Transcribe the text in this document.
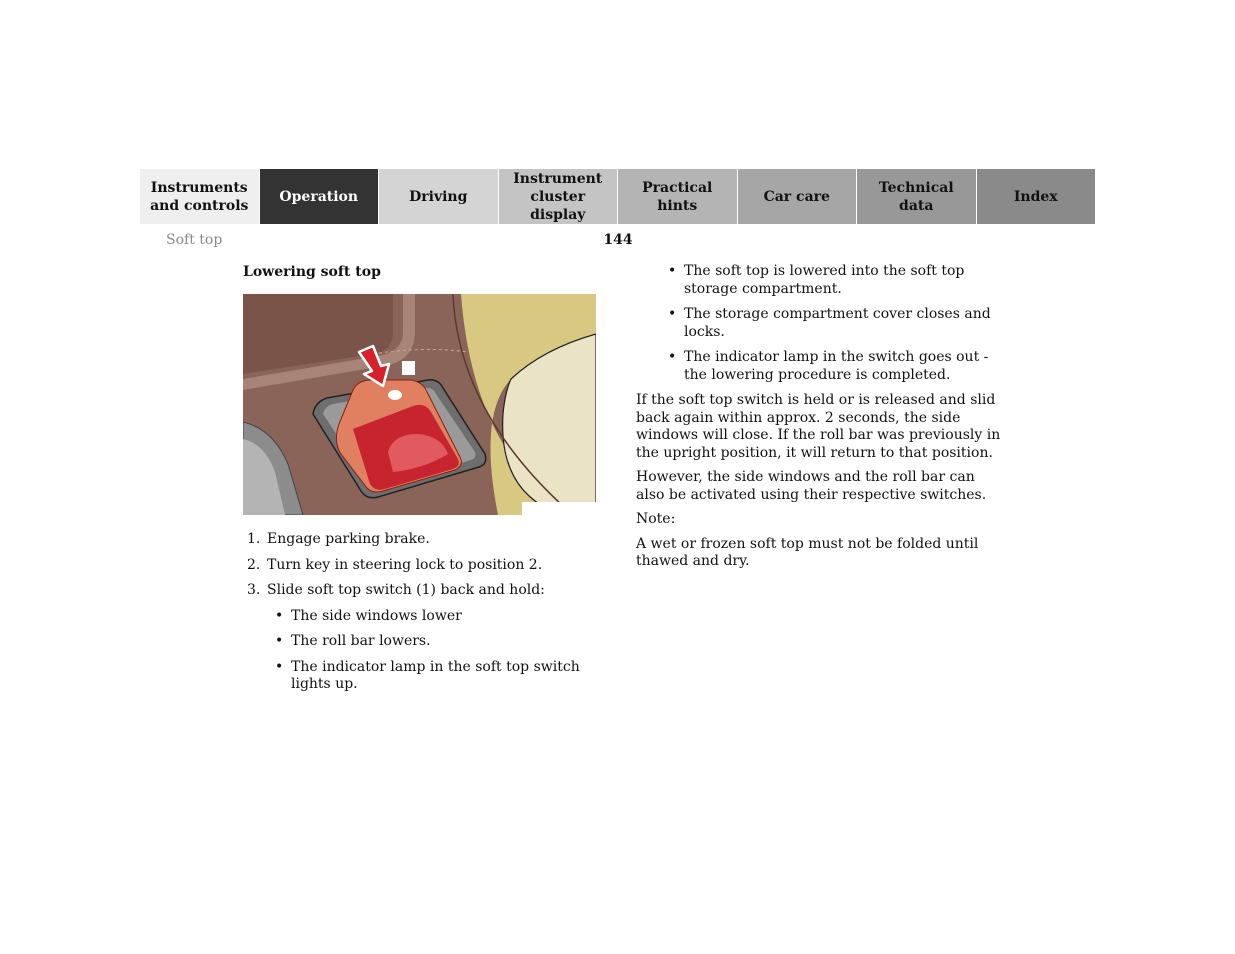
Instruments
and controls
Operation	Driving
Instrument
cluster display
Practical hints
Car care
Technical
data
Index
Soft top	144
Lowering soft top
1. Engage parking brake.
2. Turn key in steering lock to position 2.
3. Slide soft top switch (1) back and hold:
• The side windows lower
• The roll bar lowers.
• The indicator lamp in the soft top switch lights up.
• The soft top is lowered into the soft top storage compartment.
• The storage compartment cover closes and locks.
• The indicator lamp in the switch goes out - the lowering procedure is completed.

If the soft top switch is held or is released and slid back again within approx. 2 seconds, the side windows will close. If the roll bar was previously in the upright position, it will return to that position.

However, the side windows and the roll bar can also be activated using their respective switches.

Note:

A wet or frozen soft top must not be folded until thawed and dry.
